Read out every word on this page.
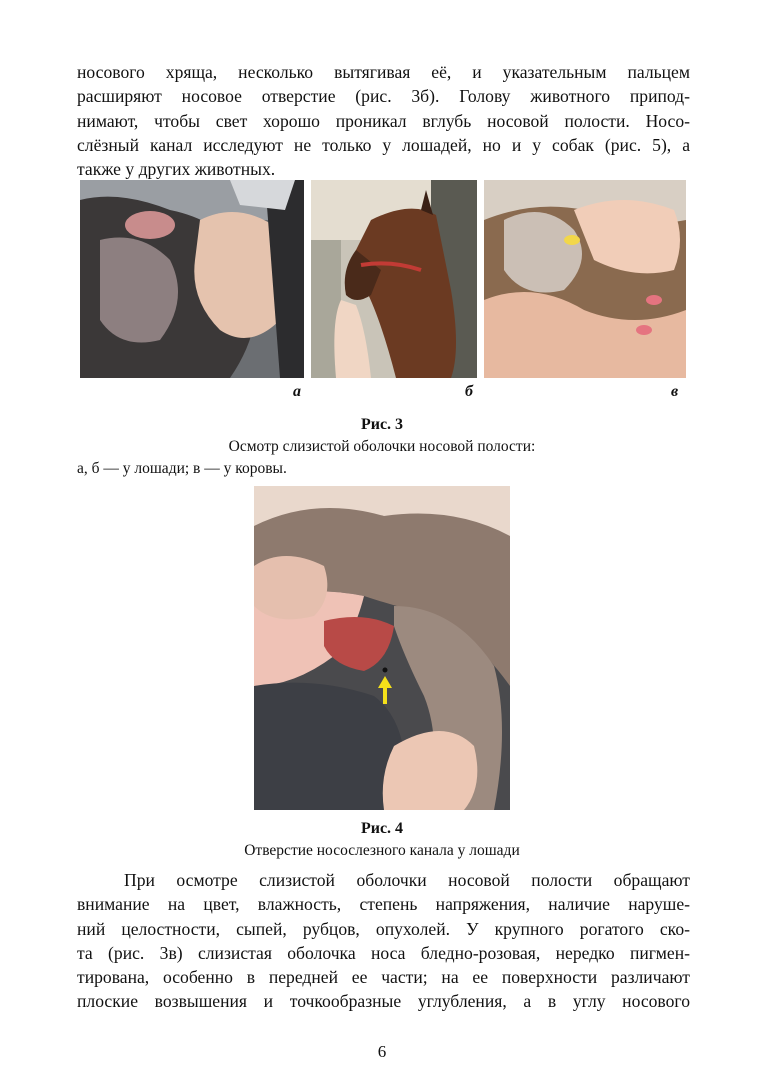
носового хряща, несколько вытягивая её, и указательным пальцем
расширяют носовое отверстие (рис. 3б). Голову животного припод-
нимают, чтобы свет хорошо проникал вглубь носовой полости. Носо-
слёзный канал исследуют не только у лошадей, но и у собак (рис. 5), а
также у других животных.
а	б	в
Рис. 3
Осмотр слизистой оболочки носовой полости:
а, б — у лошади; в — у коровы.
Рис. 4
Отверстие носослезного канала у лошади
При осмотре слизистой оболочки носовой полости обращают
внимание на цвет, влажность, степень напряжения, наличие наруше-
ний целостности, сыпей, рубцов, опухолей. У крупного рогатого ско-
та (рис. 3в) слизистая оболочка носа бледно-розовая, нередко пигмен-
тирована, особенно в передней ее части; на ее поверхности различают
плоские возвышения и точкообразные углубления, а в углу носового
6
